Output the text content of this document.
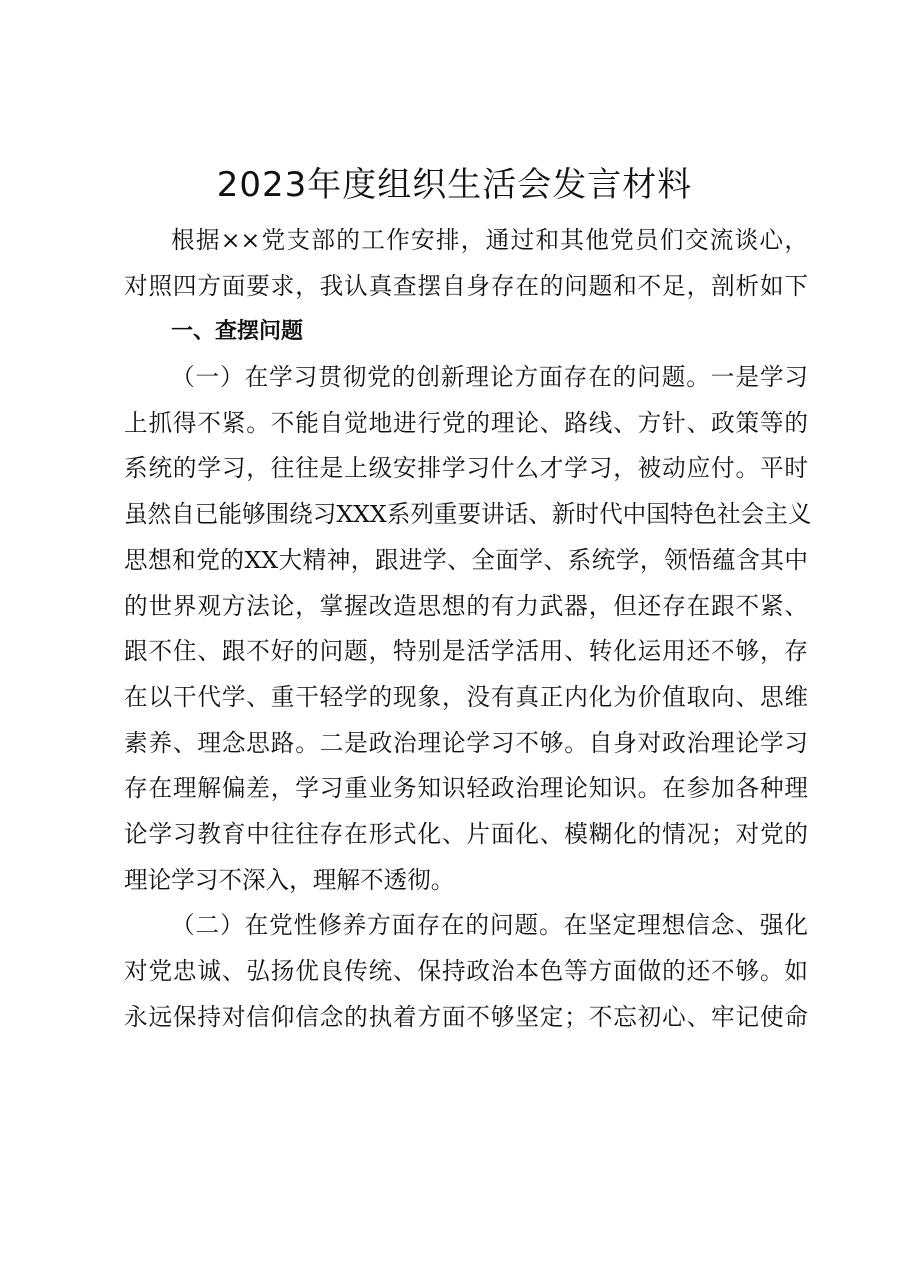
2023年度组织生活会发言材料
根据××党支部的工作安排，通过和其他党员们交流谈心，
对照四方面要求，我认真查摆自身存在的问题和不足，剖析如下
一、查摆问题
（一）在学习贯彻党的创新理论方面存在的问题。一是学习
上抓得不紧。不能自觉地进行党的理论、路线、方针、政策等的
系统的学习，往往是上级安排学习什么才学习，被动应付。平时
虽然自已能够围绕习XXX系列重要讲话、新时代中国特色社会主义
思想和党的XX大精神，跟进学、全面学、系统学，领悟蕴含其中
的世界观方法论，掌握改造思想的有力武器，但还存在跟不紧、
跟不住、跟不好的问题，特别是活学活用、转化运用还不够，存
在以干代学、重干轻学的现象，没有真正内化为价值取向、思维
素养、理念思路。二是政治理论学习不够。自身对政治理论学习
存在理解偏差，学习重业务知识轻政治理论知识。在参加各种理
论学习教育中往往存在形式化、片面化、模糊化的情况；对党的
理论学习不深入，理解不透彻。
（二）在党性修养方面存在的问题。在坚定理想信念、强化
对党忠诚、弘扬优良传统、保持政治本色等方面做的还不够。如
永远保持对信仰信念的执着方面不够坚定；不忘初心、牢记使命
